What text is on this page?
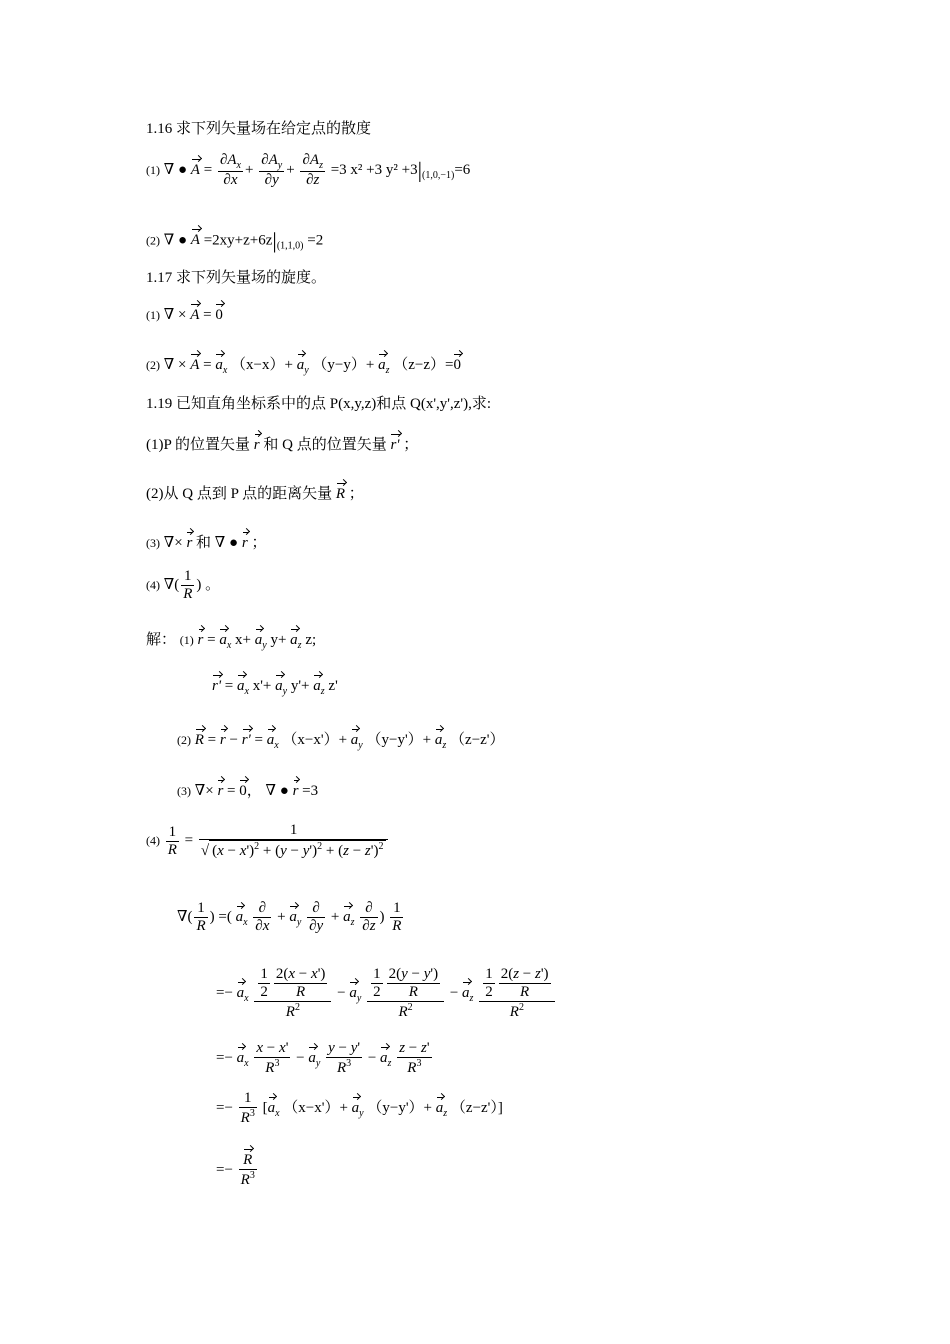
1.16 求下列矢量场在给定点的散度
(1) ∇ ● $A = \frac{\partial A_x}{\partial x} + \frac{\partial A_y}{\partial y} + \frac{\partial A_z}{\partial z} =3$ x² +3 $y^2 +3|_{(1,0,-1)}=6$
(2) ∇ ● $A =2xy+z+6z|_{(1,1,0)} =2$
1.17 求下列矢量场的旋度。
(1) ∇ × A = 0
(2) ∇ × $A = a_x$ $(x-x)+ a_y$ $(y-y)+ a_z$ （z−z）=0
1.19 已知直角坐标系中的点 P(x,y,z)和点 Q(x',y',z'),求:
(1)P 的位置矢量 r 和 Q 点的位置矢量 r' ；
(2)从 Q 点到 P 点的距离矢量 R ；
(3) ∇× r 和 ∇ ● r ；
(4) ∇( $\frac{1}{R}$ ) 。
解： (1) $r = a_x$ $x+ a_y$ $y+ a_z$ z;
$r' = a_x$ $x'+ a_y$ $y'+ a_z$ z'
(2) $R = r - r' = a_x$ $(x-x')+ a_y$ $(y-y')+ a_z$ （z−z'）
(3) ∇× r = 0， ∇ ● r =3
$(4) \frac{1}{R} = \frac{1}{√ (x - x')^2 + (y - y')^2 + (z - z')^2}$
∇( $\frac{1}{R}$ ) =( $a_x \frac{\partial}{\partial x} + a_y \frac{\partial}{\partial y} + a_z \frac{\partial}{\partial z}$ ) $\frac{1}{R}$
=− $a_x \frac{\frac{1}{2} \frac{2(x - x')}{R}}{R^2} - a_y \frac{\frac{1}{2} \frac{2(y - y')}{R}}{R^2} - a_z \frac{\frac{1}{2} \frac{2(z - z')}{R}}{R^2}$
=− $a_x \frac{x - x'}{R^3} - a_y \frac{y - y'}{R^3} - a_z \frac{z - z'}{R^3}$
=− $\frac{1}{R^3} [a_x$ $(x-x')+ a_y$ $(y-y')+ a_z$ （z−z'）]
=− $\frac{R}{R^3}$
